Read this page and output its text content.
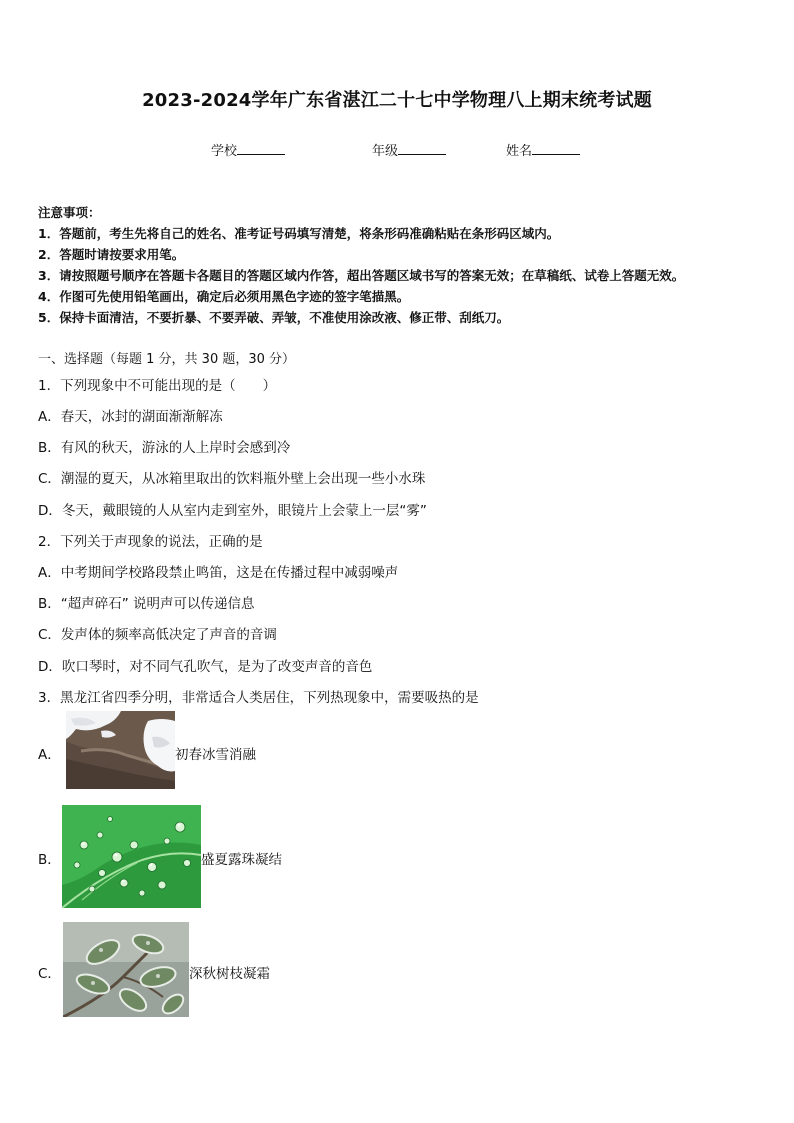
2023-2024学年广东省湛江二十七中学物理八上期末统考试题
学校	年级	姓名
注意事项：
1．答题前，考生先将自己的姓名、准考证号码填写清楚，将条形码准确粘贴在条形码区域内。
2．答题时请按要求用笔。
3．请按照题号顺序在答题卡各题目的答题区域内作答，超出答题区域书写的答案无效；在草稿纸、试卷上答题无效。
4．作图可先使用铅笔画出，确定后必须用黑色字迹的签字笔描黑。
5．保持卡面清洁，不要折暴、不要弄破、弄皱，不准使用涂改液、修正带、刮纸刀。
一、选择题（每题 1 分，共 30 题，30 分）
1．下列现象中不可能出现的是（　　）
A．春天，冰封的湖面渐渐解冻
B．有风的秋天，游泳的人上岸时会感到冷
C．潮湿的夏天，从冰箱里取出的饮料瓶外壁上会出现一些小水珠
D．冬天，戴眼镜的人从室内走到室外，眼镜片上会蒙上一层“雾”
2．下列关于声现象的说法，正确的是
A．中考期间学校路段禁止鸣笛，这是在传播过程中减弱噪声
B．“超声碎石” 说明声可以传递信息
C．发声体的频率高低决定了声音的音调
D．吹口琴时，对不同气孔吹气，是为了改变声音的音色
3．黑龙江省四季分明，非常适合人类居住，下列热现象中，需要吸热的是
A．	初春冰雪消融
B．	盛夏露珠凝结
C．	深秋树枝凝霜
